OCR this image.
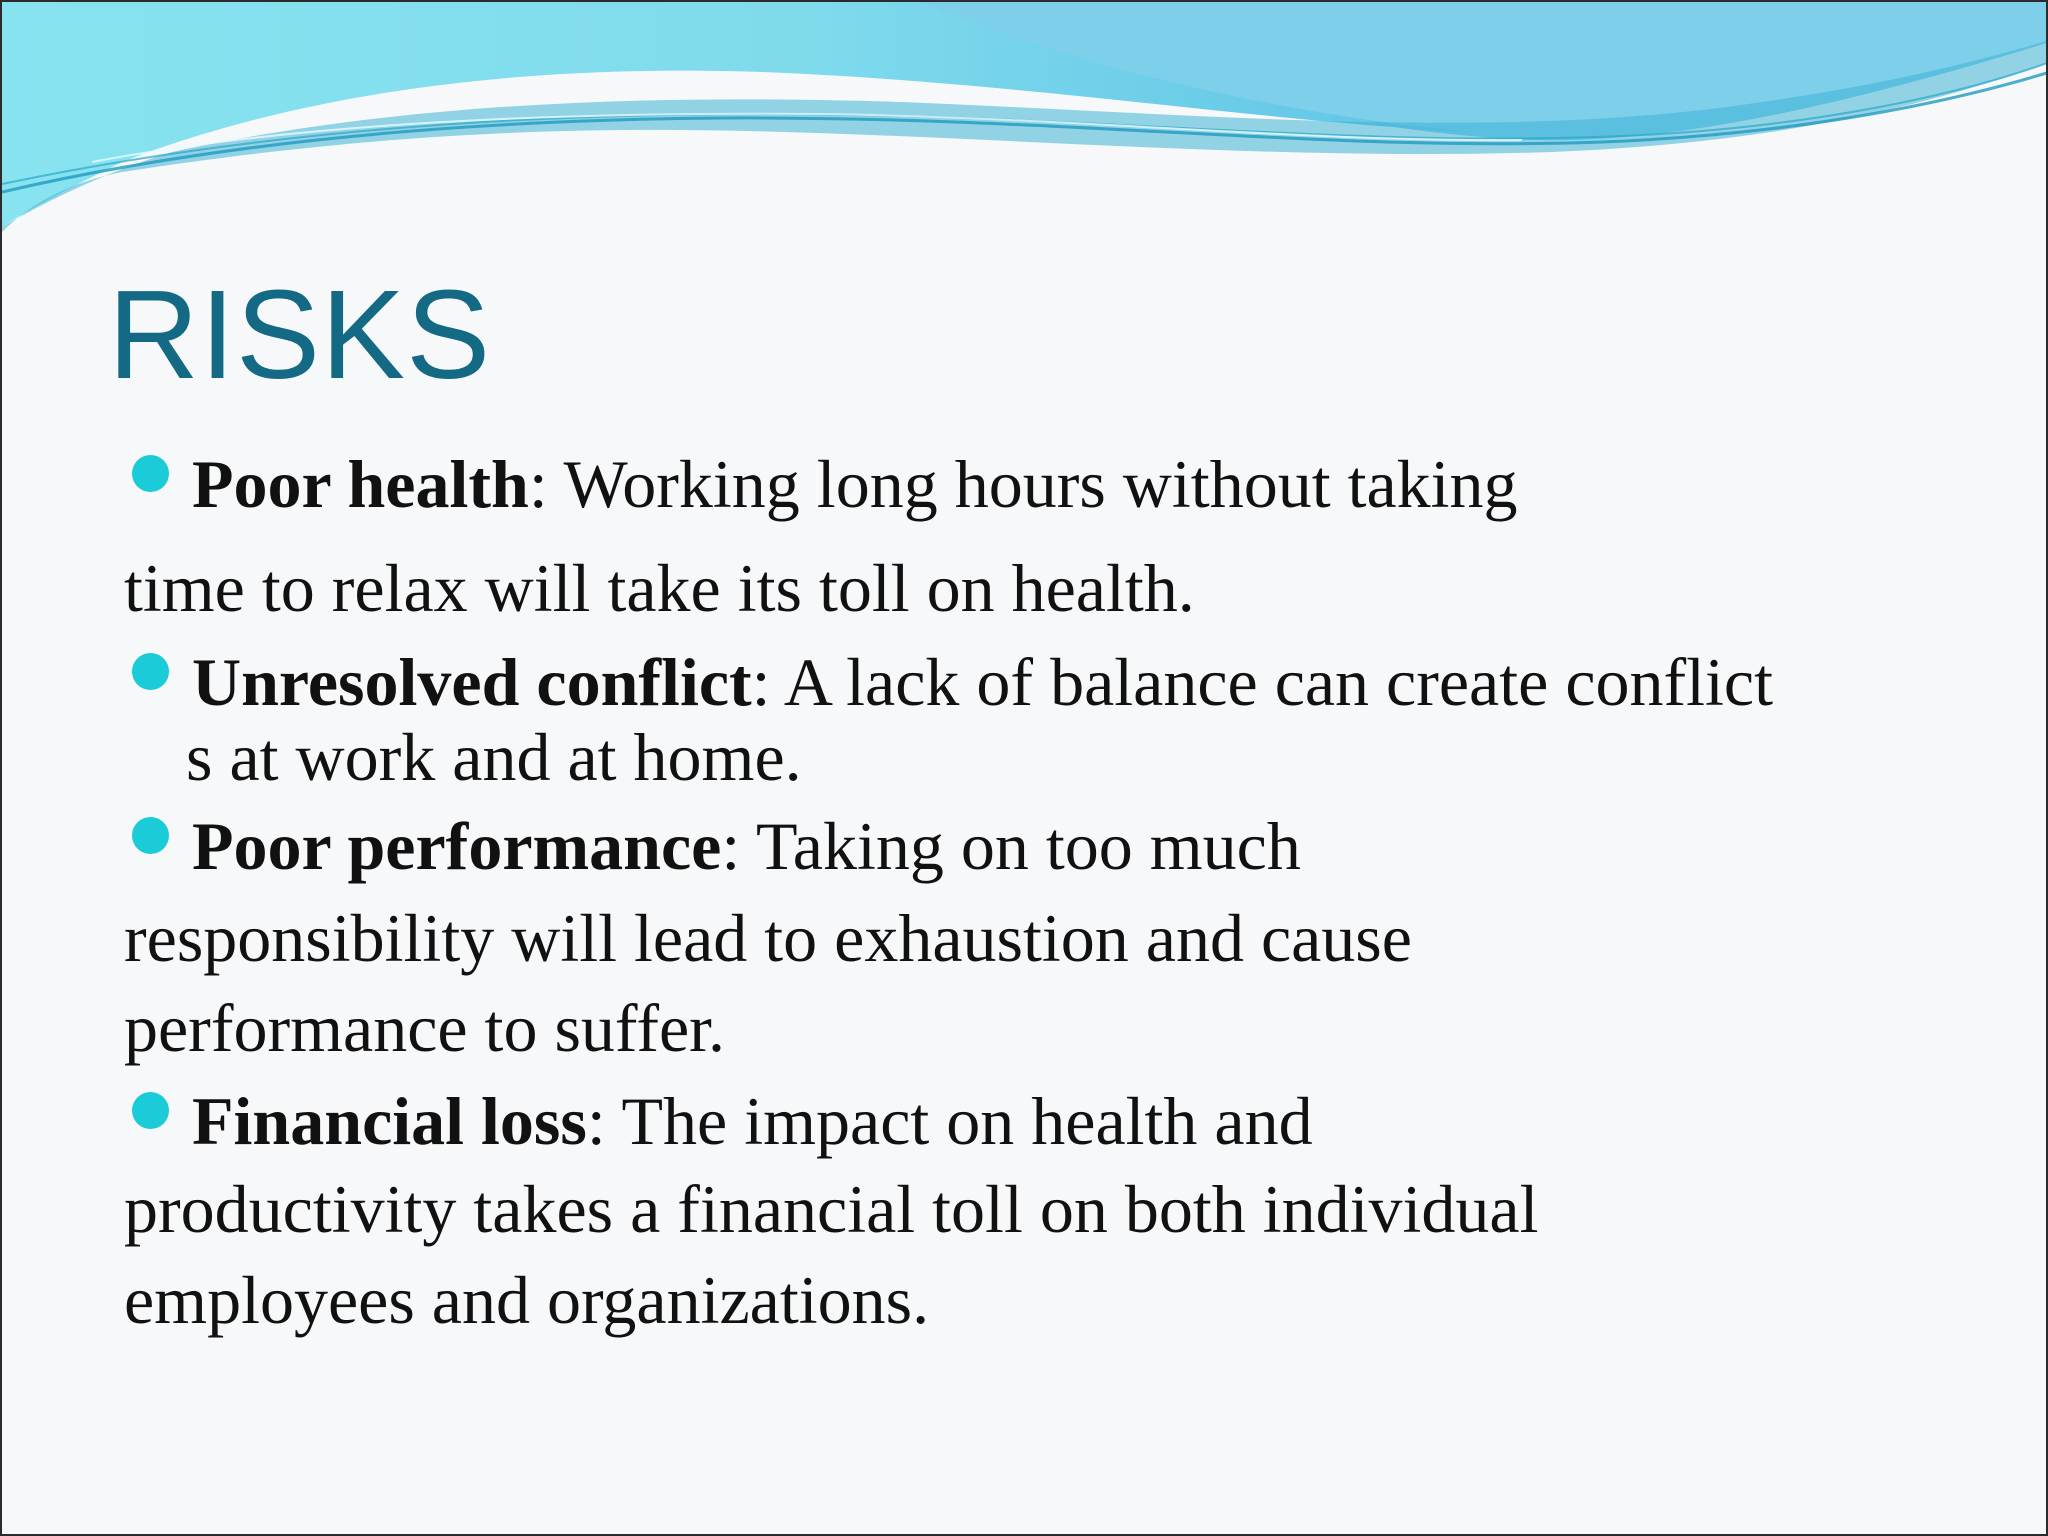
RISKS
Poor health: Working long hours without taking
time to relax will take its toll on health.
Unresolved conflict: A lack of balance can create conflict
s at work and at home.
Poor performance: Taking on too much
responsibility will lead to exhaustion and cause
performance to suffer.
Financial loss: The impact on health and
productivity takes a financial toll on both individual
employees and organizations.
